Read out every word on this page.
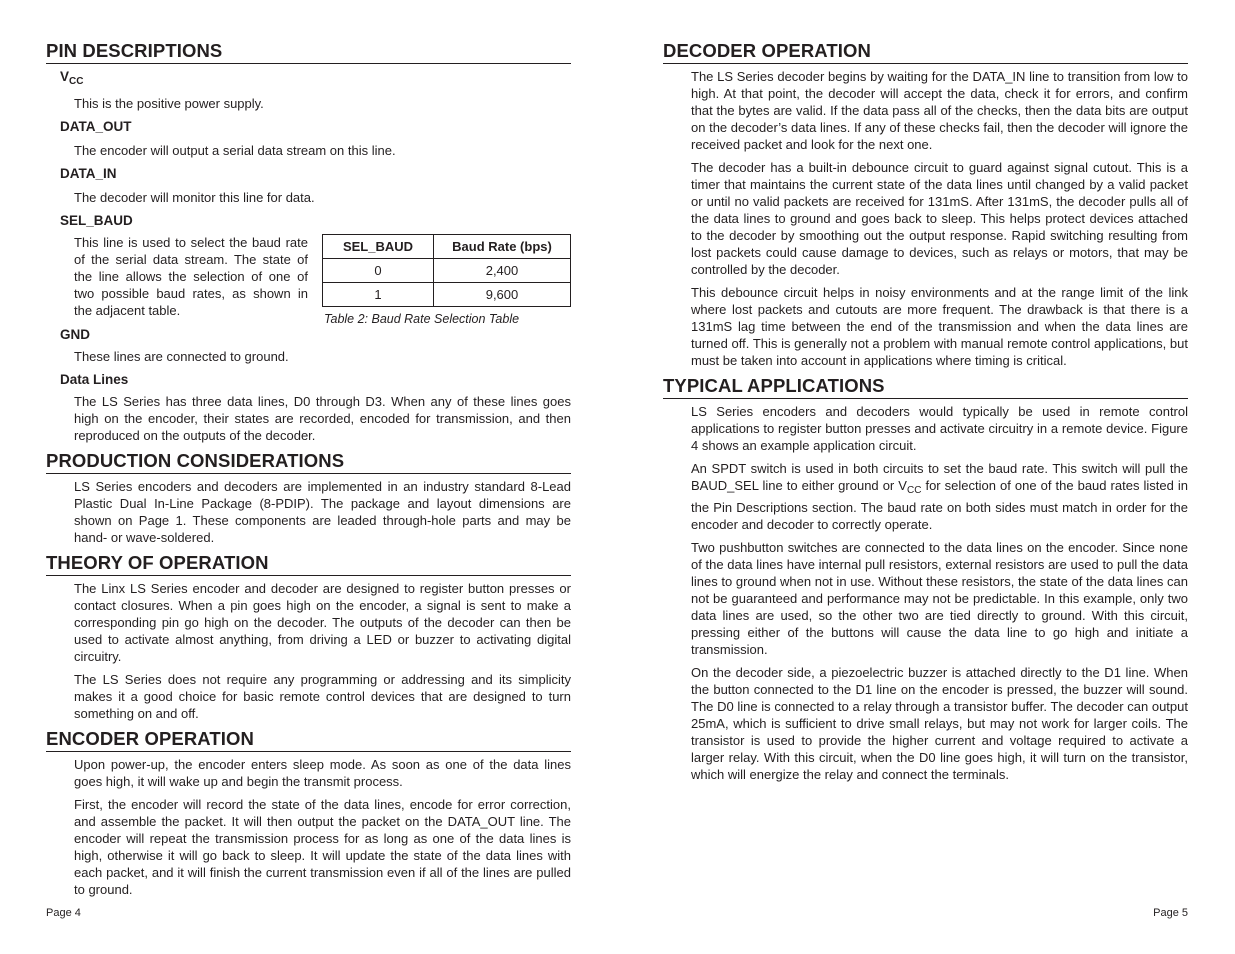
PIN DESCRIPTIONS
$V_{CC}$

This is the positive power supply.

DATA_OUT

The encoder will output a serial data stream on this line.

DATA_IN

The decoder will monitor this line for data.

SEL_BAUD
This line is used to select the baud rate of the serial data stream. The state of the line allows the selection of one of two possible baud rates, as shown in the adjacent table.
SEL_BAUD	Baud Rate (bps)
0	2,400
1	9,600
Table 2: Baud Rate Selection Table
GND

These lines are connected to ground.

Data Lines

The LS Series has three data lines, D0 through D3. When any of these lines goes high on the encoder, their states are recorded, encoded for transmission, and then reproduced on the outputs of the decoder.

PRODUCTION CONSIDERATIONS

LS Series encoders and decoders are implemented in an industry standard 8-Lead Plastic Dual In-Line Package (8-PDIP). The package and layout dimensions are shown on Page 1. These components are leaded through-hole parts and may be hand- or wave-soldered.

THEORY OF OPERATION

The Linx LS Series encoder and decoder are designed to register button presses or contact closures. When a pin goes high on the encoder, a signal is sent to make a corresponding pin go high on the decoder. The outputs of the decoder can then be used to activate almost anything, from driving a LED or buzzer to activating digital circuitry.

The LS Series does not require any programming or addressing and its simplicity makes it a good choice for basic remote control devices that are designed to turn something on and off.

ENCODER OPERATION

Upon power-up, the encoder enters sleep mode. As soon as one of the data lines goes high, it will wake up and begin the transmit process.

First, the encoder will record the state of the data lines, encode for error correction, and assemble the packet. It will then output the packet on the DATA_OUT line. The encoder will repeat the transmission process for as long as one of the data lines is high, otherwise it will go back to sleep. It will update the state of the data lines with each packet, and it will finish the current transmission even if all of the lines are pulled to ground.

Page 4
DECODER OPERATION

The LS Series decoder begins by waiting for the DATA_IN line to transition from low to high. At that point, the decoder will accept the data, check it for errors, and confirm that the bytes are valid. If the data pass all of the checks, then the data bits are output on the decoder’s data lines. If any of these checks fail, then the decoder will ignore the received packet and look for the next one.

The decoder has a built-in debounce circuit to guard against signal cutout. This is a timer that maintains the current state of the data lines until changed by a valid packet or until no valid packets are received for 131mS. After 131mS, the decoder pulls all of the data lines to ground and goes back to sleep. This helps protect devices attached to the decoder by smoothing out the output response. Rapid switching resulting from lost packets could cause damage to devices, such as relays or motors, that may be controlled by the decoder.

This debounce circuit helps in noisy environments and at the range limit of the link where lost packets and cutouts are more frequent. The drawback is that there is a 131mS lag time between the end of the transmission and when the data lines are turned off. This is generally not a problem with manual remote control applications, but must be taken into account in applications where timing is critical.

TYPICAL APPLICATIONS

LS Series encoders and decoders would typically be used in remote control applications to register button presses and activate circuitry in a remote device. Figure 4 shows an example application circuit.

An SPDT switch is used in both circuits to set the baud rate. This switch will pull the BAUD_SEL line to either ground or $V_{CC}$ for selection of one of the baud rates listed in the Pin Descriptions section. The baud rate on both sides must match in order for the encoder and decoder to correctly operate.

Two pushbutton switches are connected to the data lines on the encoder. Since none of the data lines have internal pull resistors, external resistors are used to pull the data lines to ground when not in use. Without these resistors, the state of the data lines can not be guaranteed and performance may not be predictable. In this example, only two data lines are used, so the other two are tied directly to ground. With this circuit, pressing either of the buttons will cause the data line to go high and initiate a transmission.

On the decoder side, a piezoelectric buzzer is attached directly to the D1 line. When the button connected to the D1 line on the encoder is pressed, the buzzer will sound. The D0 line is connected to a relay through a transistor buffer. The decoder can output 25mA, which is sufficient to drive small relays, but may not work for larger coils. The transistor is used to provide the higher current and voltage required to activate a larger relay. With this circuit, when the D0 line goes high, it will turn on the transistor, which will energize the relay and connect the terminals.

Page 5
